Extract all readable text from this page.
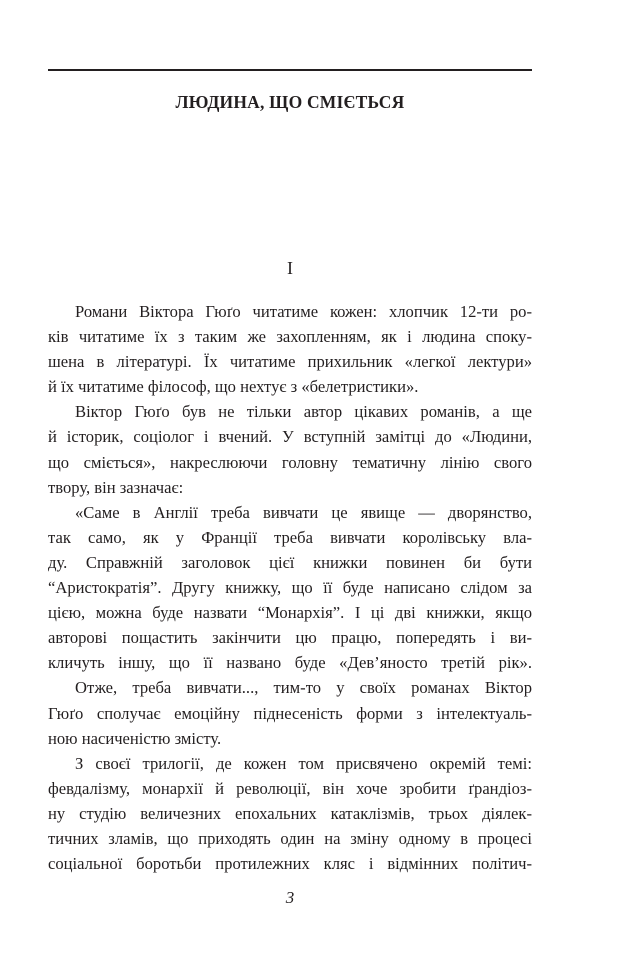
ЛЮДИНА, ЩО СМІЄТЬСЯ
I
Романи Віктора Гюґо читатиме кожен: хлопчик 12-ти ро-
ків читатиме їх з таким же захопленням, як і людина споку-
шена в літературі. Їх читатиме прихильник «легкої лектури»
й їх читатиме філософ, що нехтує з «белетристики».
Віктор Гюґо був не тільки автор цікавих романів, а ще
й історик, соціолог і вчений. У вступній замітці до «Людини,
що сміється», накреслюючи головну тематичну лінію свого
твору, він зазначає:
«Саме в Англії треба вивчати це явище — дворянство,
так само, як у Франції треба вивчати королівську вла-
ду. Справжній заголовок цієї книжки повинен би бути
“Аристократія”. Другу книжку, що її буде написано слідом за
цією, можна буде назвати “Монархія”. І ці дві книжки, якщо
авторові пощастить закінчити цю працю, попередять і ви-
кличуть іншу, що її названо буде «Дев’яносто третій рік».
Отже, треба вивчати..., тим-то у своїх романах Віктор
Гюґо сполучає емоційну піднесеність форми з інтелектуаль-
ною насиченістю змісту.
З своєї трилогії, де кожен том присвячено окремій темі:
февдалізму, монархії й революції, він хоче зробити ґрандіоз-
ну студію величезних епохальних катаклізмів, трьох діялек-
тичних зламів, що приходять один на зміну одному в процесі
соціальної боротьби протилежних кляс і відмінних політич-
3
